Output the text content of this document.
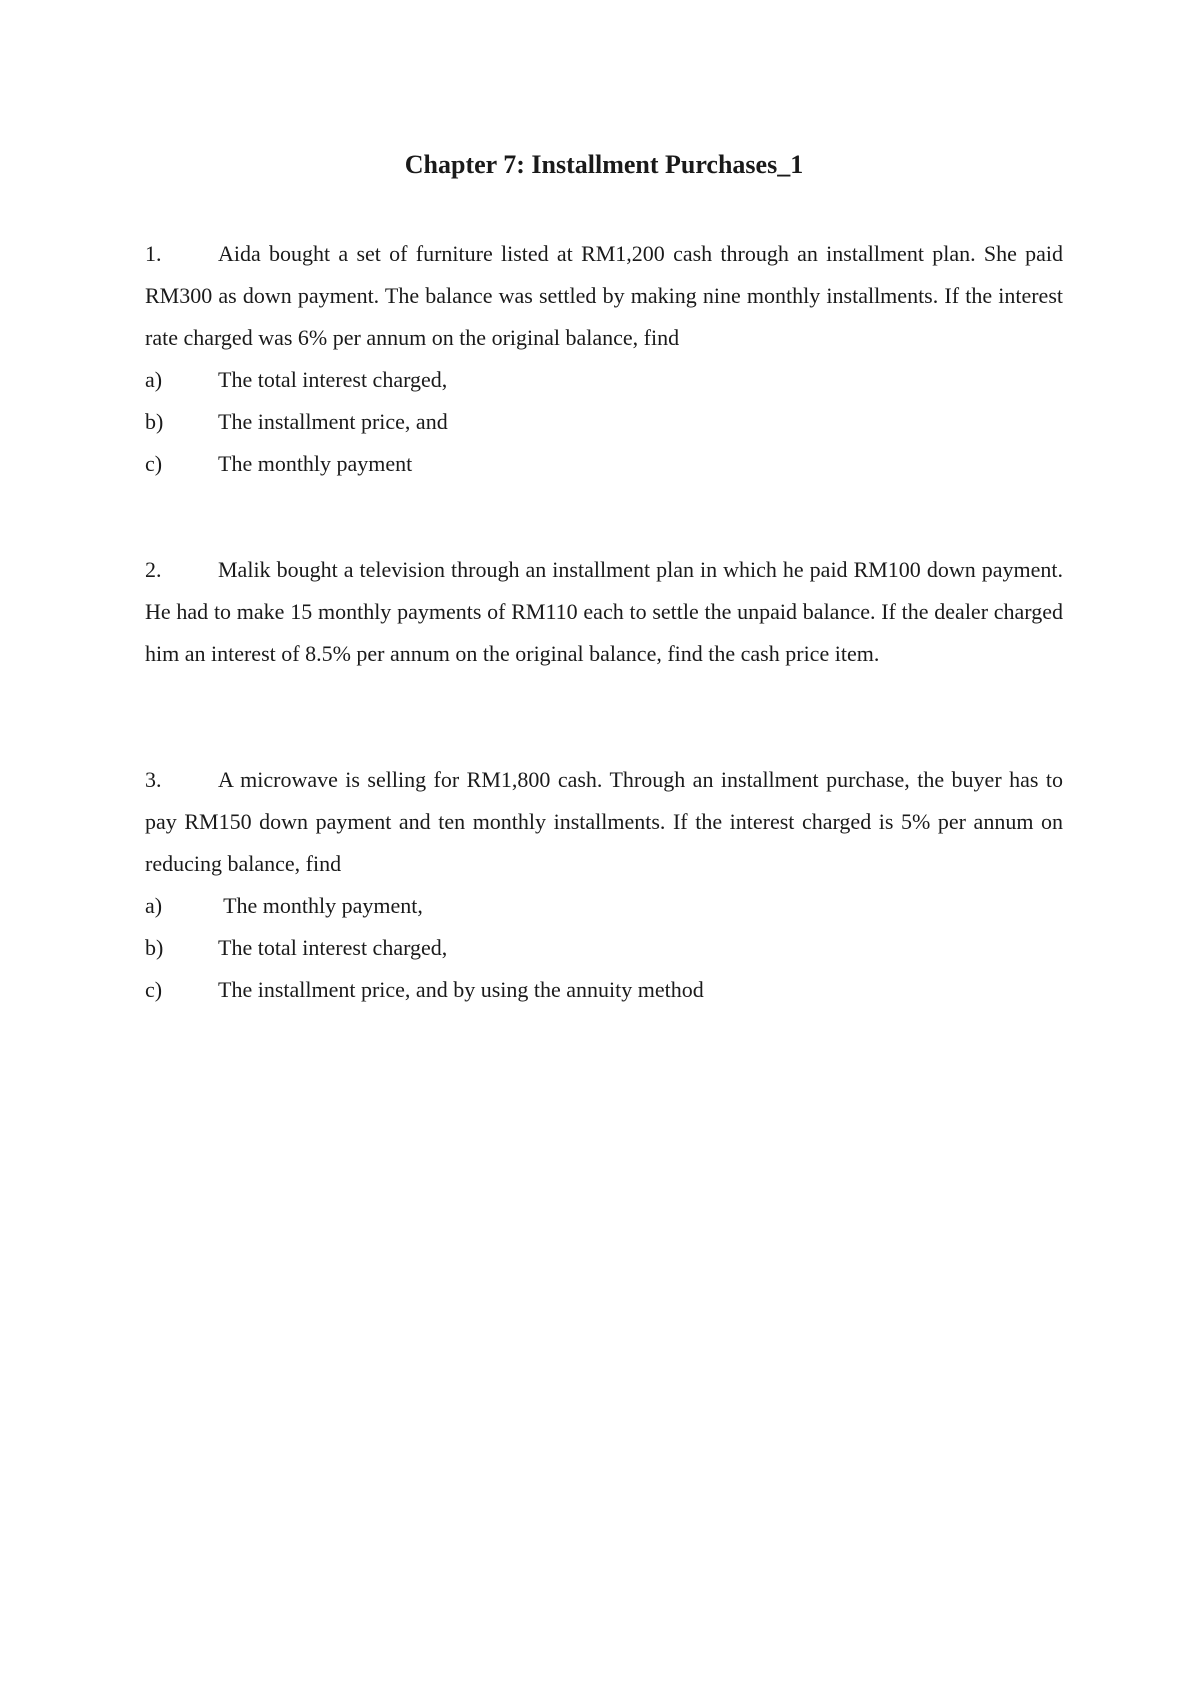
Chapter 7: Installment Purchases_1

1.	Aida bought a set of furniture listed at RM1,200 cash through an installment plan. She paid RM300 as down payment. The balance was settled by making nine monthly installments. If the interest rate charged was 6% per annum on the original balance, find

a)	The total interest charged,
b) The installment price, and
c)	The monthly payment

2.	Malik bought a television through an installment plan in which he paid RM100 down payment. He had to make 15 monthly payments of RM110 each to settle the unpaid balance. If the dealer charged him an interest of 8.5% per annum on the original balance, find the cash price item.

3.	A microwave is selling for RM1,800 cash. Through an installment purchase, the buyer has to pay RM150 down payment and ten monthly installments. If the interest charged is 5% per annum on reducing balance, find

a)	The monthly payment,
b) The total interest charged,
c)	The installment price, and by using the annuity method
